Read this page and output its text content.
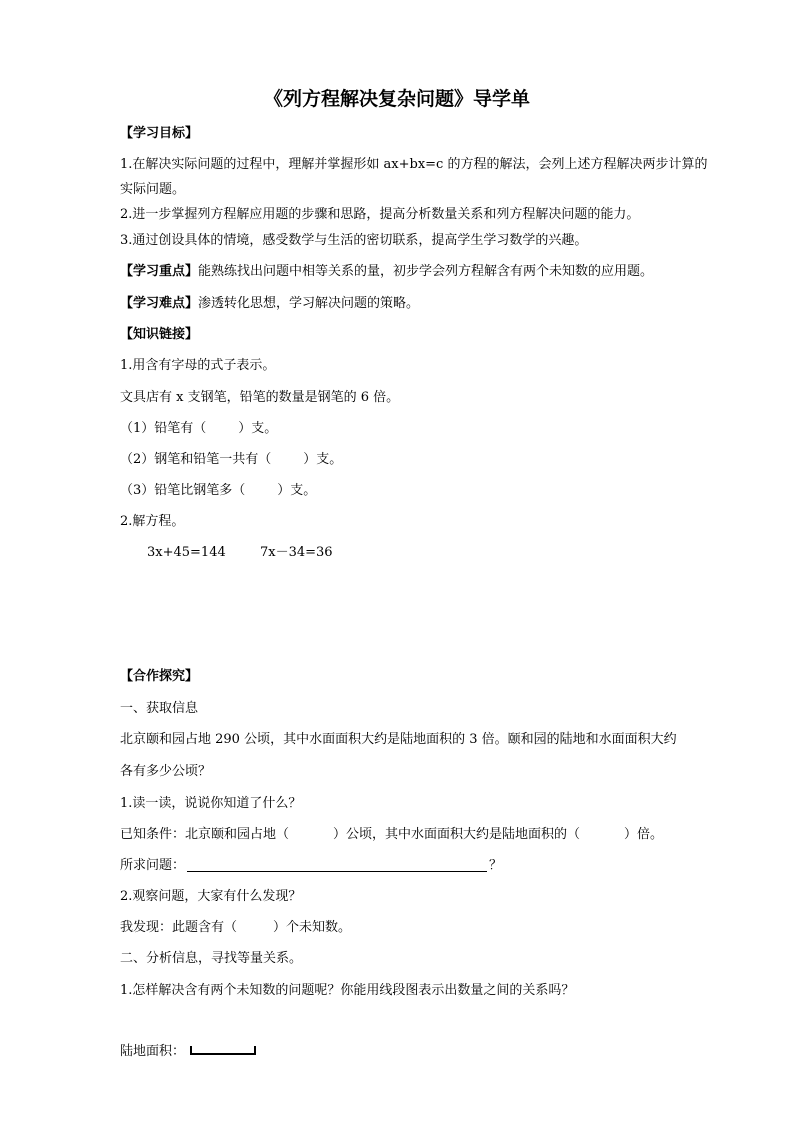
《列方程解决复杂问题》导学单
【学习目标】
1.在解决实际问题的过程中，理解并掌握形如 ax+bx=c 的方程的解法，会列上述方程解决两步计算的
实际问题。
2.进一步掌握列方程解应用题的步骤和思路，提高分析数量关系和列方程解决问题的能力。
3.通过创设具体的情境，感受数学与生活的密切联系，提高学生学习数学的兴趣。
【学习重点】能熟练找出问题中相等关系的量，初步学会列方程解含有两个未知数的应用题。
【学习难点】渗透转化思想，学习解决问题的策略。
【知识链接】
1.用含有字母的式子表示。
文具店有 x 支钢笔，铅笔的数量是钢笔的 6 倍。
（1）铅笔有（ ）支。
（2）钢笔和铅笔一共有（ ）支。
（3）铅笔比钢笔多（ ）支。
2.解方程。
3x+45=144	7x－34=36
【合作探究】
一、获取信息
北京颐和园占地 290 公顷，其中水面面积大约是陆地面积的 3 倍。颐和园的陆地和水面面积大约
各有多少公顷？
1.读一读，说说你知道了什么？
已知条件：北京颐和园占地（	）公顷，其中水面面积大约是陆地面积的（	）倍。
所求问题：	？
2.观察问题，大家有什么发现？
我发现：此题含有（	）个未知数。
二、分析信息，寻找等量关系。
1.怎样解决含有两个未知数的问题呢？你能用线段图表示出数量之间的关系吗？
陆地面积：
